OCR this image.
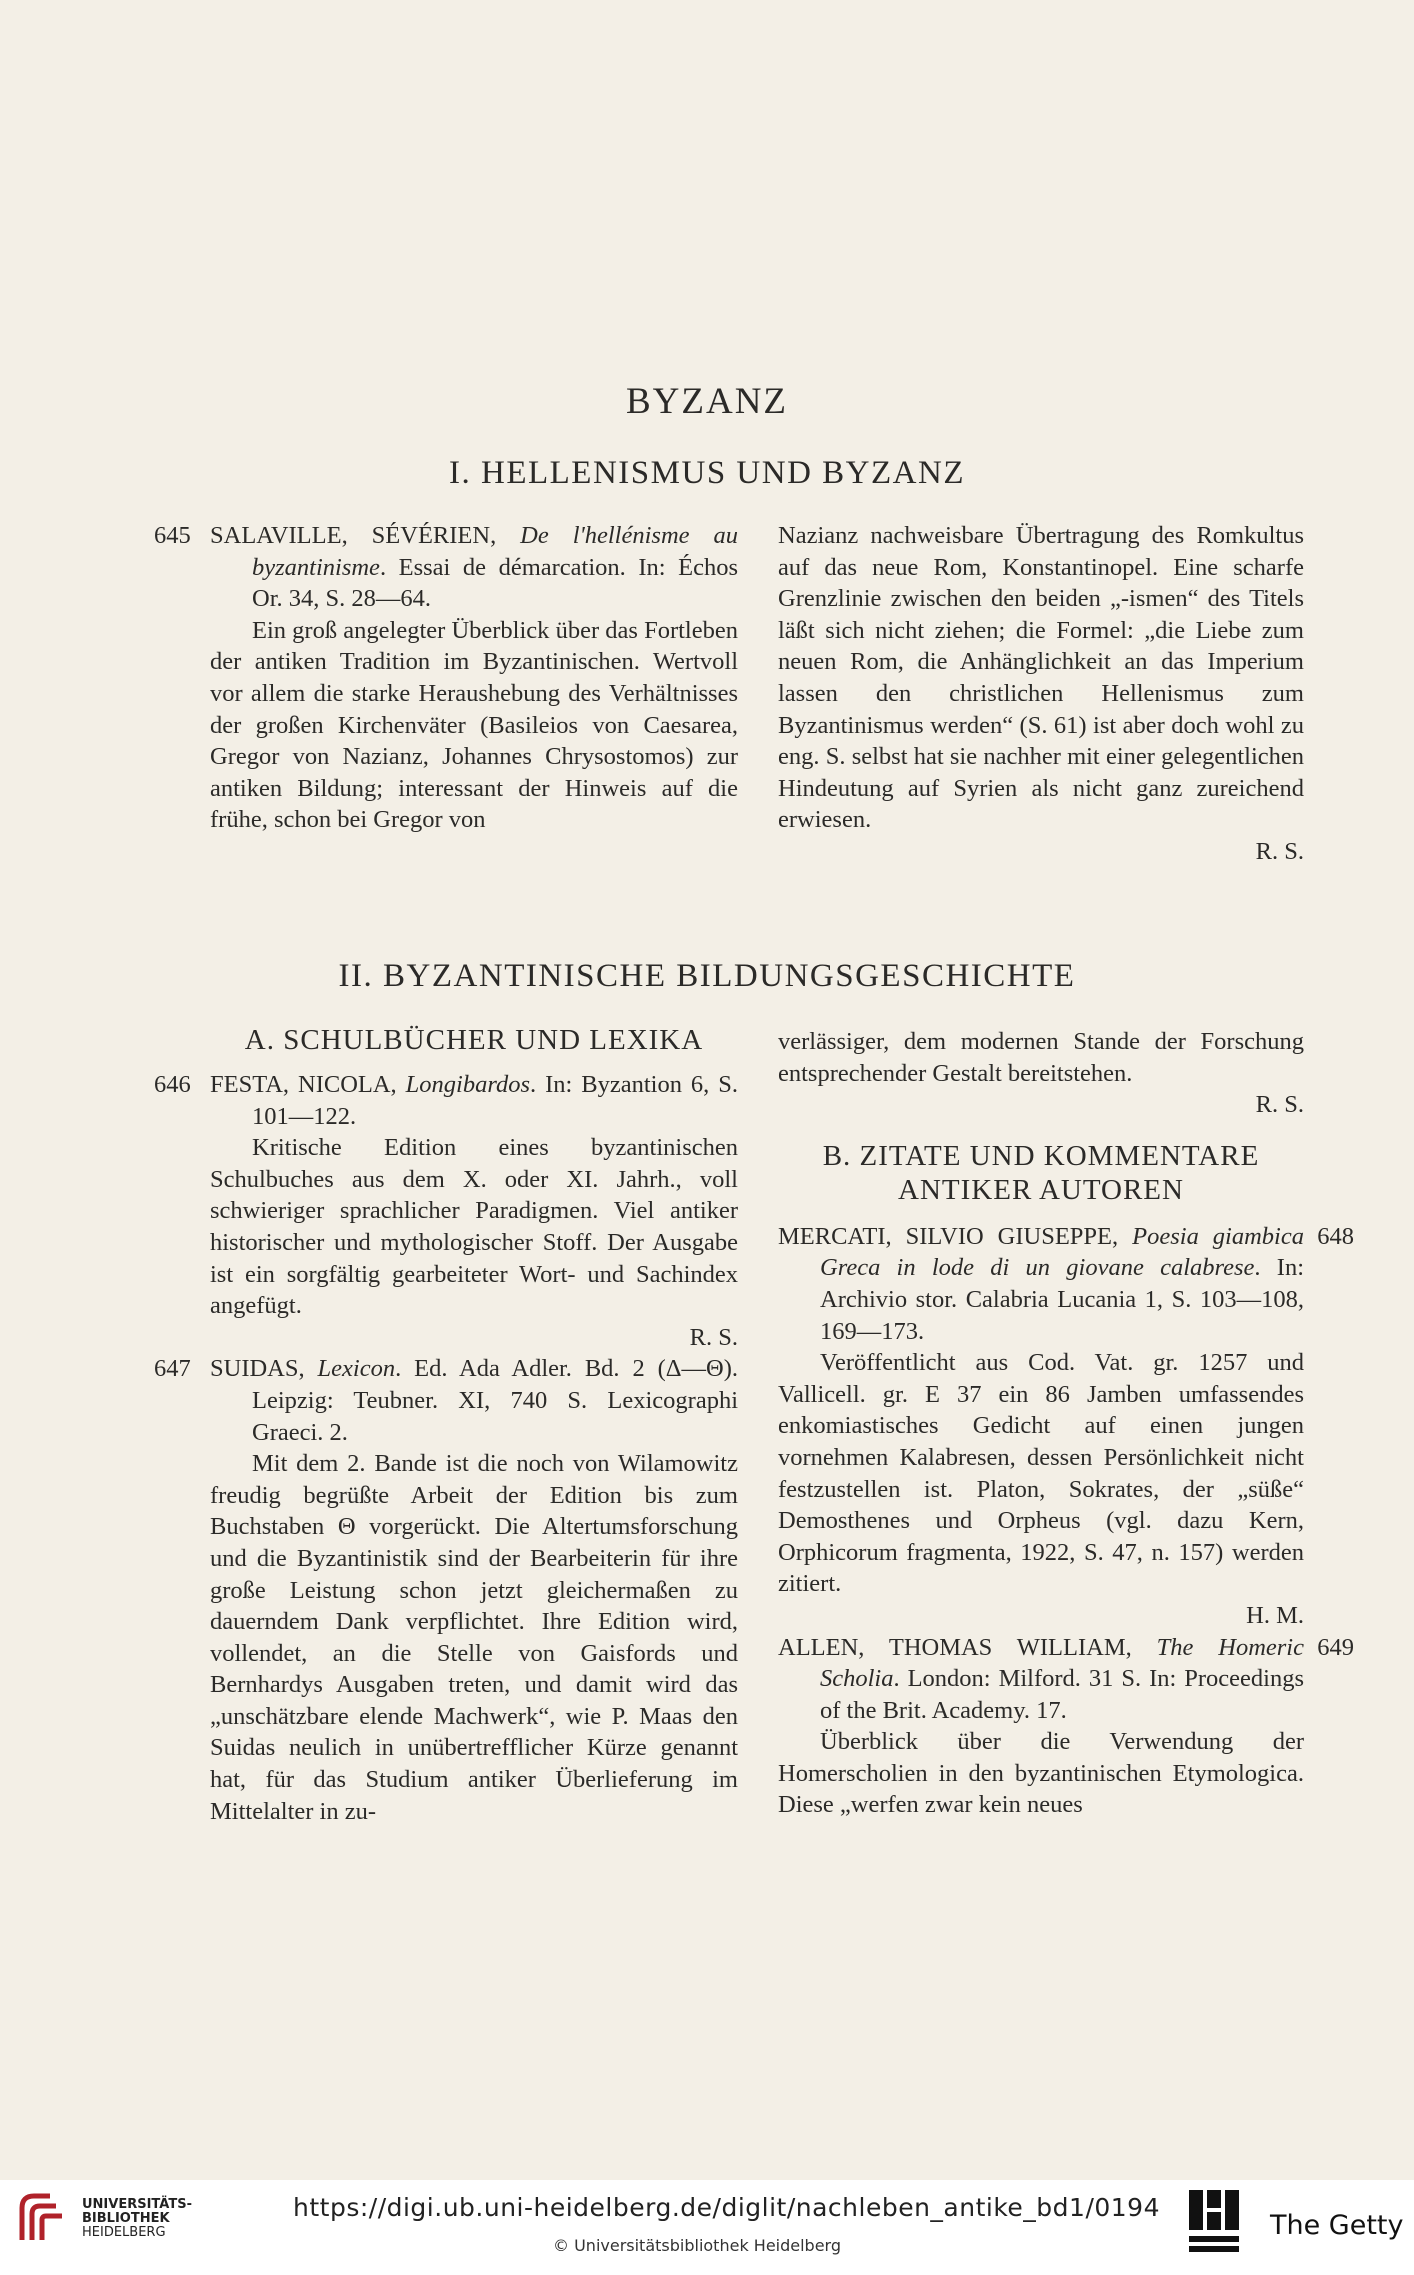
BYZANZ
I. HELLENISMUS UND BYZANZ
645 SALAVILLE, SÉVÉRIEN, De l'hellénisme au byzantinisme. Essai de démarcation. In: Échos Or. 34, S. 28—64.

Ein groß angelegter Überblick über das Fortleben der antiken Tradition im Byzantinischen. Wertvoll vor allem die starke Heraushebung des Verhältnisses der großen Kirchenväter (Basileios von Caesarea, Gregor von Nazianz, Johannes Chrysostomos) zur antiken Bildung; interessant der Hinweis auf die frühe, schon bei Gregor von

Nazianz nachweisbare Übertragung des Romkultus auf das neue Rom, Konstantinopel. Eine scharfe Grenzlinie zwischen den beiden „-ismen“ des Titels läßt sich nicht ziehen; die Formel: „die Liebe zum neuen Rom, die Anhänglichkeit an das Imperium lassen den christlichen Hellenismus zum Byzantinismus werden“ (S. 61) ist aber doch wohl zu eng. S. selbst hat sie nachher mit einer gelegentlichen Hindeutung auf Syrien als nicht ganz zureichend erwiesen.

R. S.

II. BYZANTINISCHE BILDUNGSGESCHICHTE

A. SCHULBÜCHER UND LEXIKA

646 FESTA, NICOLA, Longibardos. In: Byzantion 6, S. 101—122.

Kritische Edition eines byzantinischen Schulbuches aus dem X. oder XI. Jahrh., voll schwieriger sprachlicher Paradigmen. Viel antiker historischer und mythologischer Stoff. Der Ausgabe ist ein sorgfältig gearbeiteter Wort- und Sachindex angefügt.

R. S.

647 SUIDAS, Lexicon. Ed. Ada Adler. Bd. 2 (Δ—Θ). Leipzig: Teubner. XI, 740 S. Lexicographi Graeci. 2.

Mit dem 2. Bande ist die noch von Wilamowitz freudig begrüßte Arbeit der Edition bis zum Buchstaben Θ vorgerückt. Die Altertumsforschung und die Byzantinistik sind der Bearbeiterin für ihre große Leistung schon jetzt gleichermaßen zu dauerndem Dank verpflichtet. Ihre Edition wird, vollendet, an die Stelle von Gaisfords und Bernhardys Ausgaben treten, und damit wird das „unschätzbare elende Machwerk“, wie P. Maas den Suidas neulich in unübertrefflicher Kürze genannt hat, für das Studium antiker Überlieferung im Mittelalter in zu-

verlässiger, dem modernen Stande der Forschung entsprechender Gestalt bereitstehen.

R. S.

B. ZITATE UND KOMMENTARE ANTIKER AUTOREN

648

MERCATI, SILVIO GIUSEPPE, Poesia giambica Greca in lode di un giovane calabrese. In: Archivio stor. Calabria Lucania 1, S. 103—108, 169—173.

Veröffentlicht aus Cod. Vat. gr. 1257 und Vallicell. gr. E 37 ein 86 Jamben umfassendes enkomiastisches Gedicht auf einen jungen vornehmen Kalabresen, dessen Persönlichkeit nicht festzustellen ist. Platon, Sokrates, der „süße“ Demosthenes und Orpheus (vgl. dazu Kern, Orphicorum fragmenta, 1922, S. 47, n. 157) werden zitiert.

H. M.

649

ALLEN, THOMAS WILLIAM, The Homeric Scholia. London: Milford. 31 S. In: Proceedings of the Brit. Academy. 17.

Überblick über die Verwendung der Homerscholien in den byzantinischen Etymologica. Diese „werfen zwar kein neues

UNIVERSITÄTS-
BIBLIOTHEK
HEIDELBERG
https://digi.ub.uni-heidelberg.de/diglit/nachleben_antike_bd1/0194
© Universitätsbibliothek Heidelberg
The Getty
